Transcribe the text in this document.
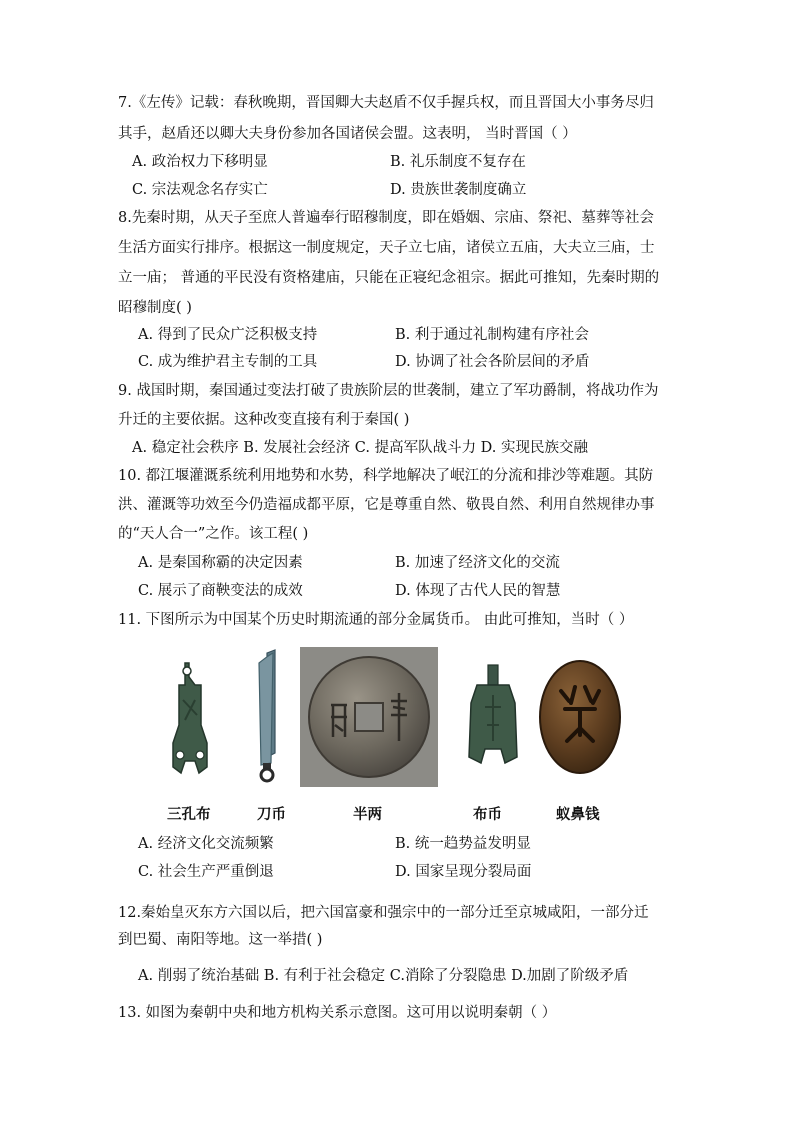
7.《左传》记载：春秋晚期，晋国卿大夫赵盾不仅手握兵权，而且晋国大小事务尽归
其手，赵盾还以卿大夫身份参加各国诸侯会盟。这表明， 当时晋国（ ）
A. 政治权力下移明显	B. 礼乐制度不复存在
C. 宗法观念名存实亡	D. 贵族世袭制度确立
8.先秦时期，从天子至庶人普遍奉行昭穆制度，即在婚姻、宗庙、祭祀、墓葬等社会
生活方面实行排序。根据这一制度规定，天子立七庙，诸侯立五庙，大夫立三庙，士
立一庙； 普通的平民没有资格建庙，只能在正寝纪念祖宗。据此可推知，先秦时期的
昭穆制度( )
A. 得到了民众广泛积极支持	B. 利于通过礼制构建有序社会
C. 成为维护君主专制的工具	D. 协调了社会各阶层间的矛盾
9. 战国时期，秦国通过变法打破了贵族阶层的世袭制，建立了军功爵制，将战功作为
升迁的主要依据。这种改变直接有利于秦国( )
A. 稳定社会秩序 B. 发展社会经济 C. 提高军队战斗力 D. 实现民族交融
10. 都江堰灌溉系统利用地势和水势，科学地解决了岷江的分流和排沙等难题。其防
洪、灌溉等功效至今仍造福成都平原，它是尊重自然、敬畏自然、利用自然规律办事
的“天人合一”之作。该工程( )
A. 是秦国称霸的决定因素	B. 加速了经济文化的交流
C. 展示了商鞅变法的成效	D. 体现了古代人民的智慧
11. 下图所示为中国某个历史时期流通的部分金属货币。 由此可推知，当时（ ）
三孔布	刀币	半两	布币	蚁鼻钱
A. 经济文化交流频繁	B. 统一趋势益发明显
C. 社会生产严重倒退	D. 国家呈现分裂局面
12.秦始皇灭东方六国以后，把六国富豪和强宗中的一部分迁至京城咸阳，一部分迁
到巴蜀、南阳等地。这一举措( )
A. 削弱了统治基础 B. 有利于社会稳定 C.消除了分裂隐患 D.加剧了阶级矛盾
13. 如图为秦朝中央和地方机构关系示意图。这可用以说明秦朝（ ）
